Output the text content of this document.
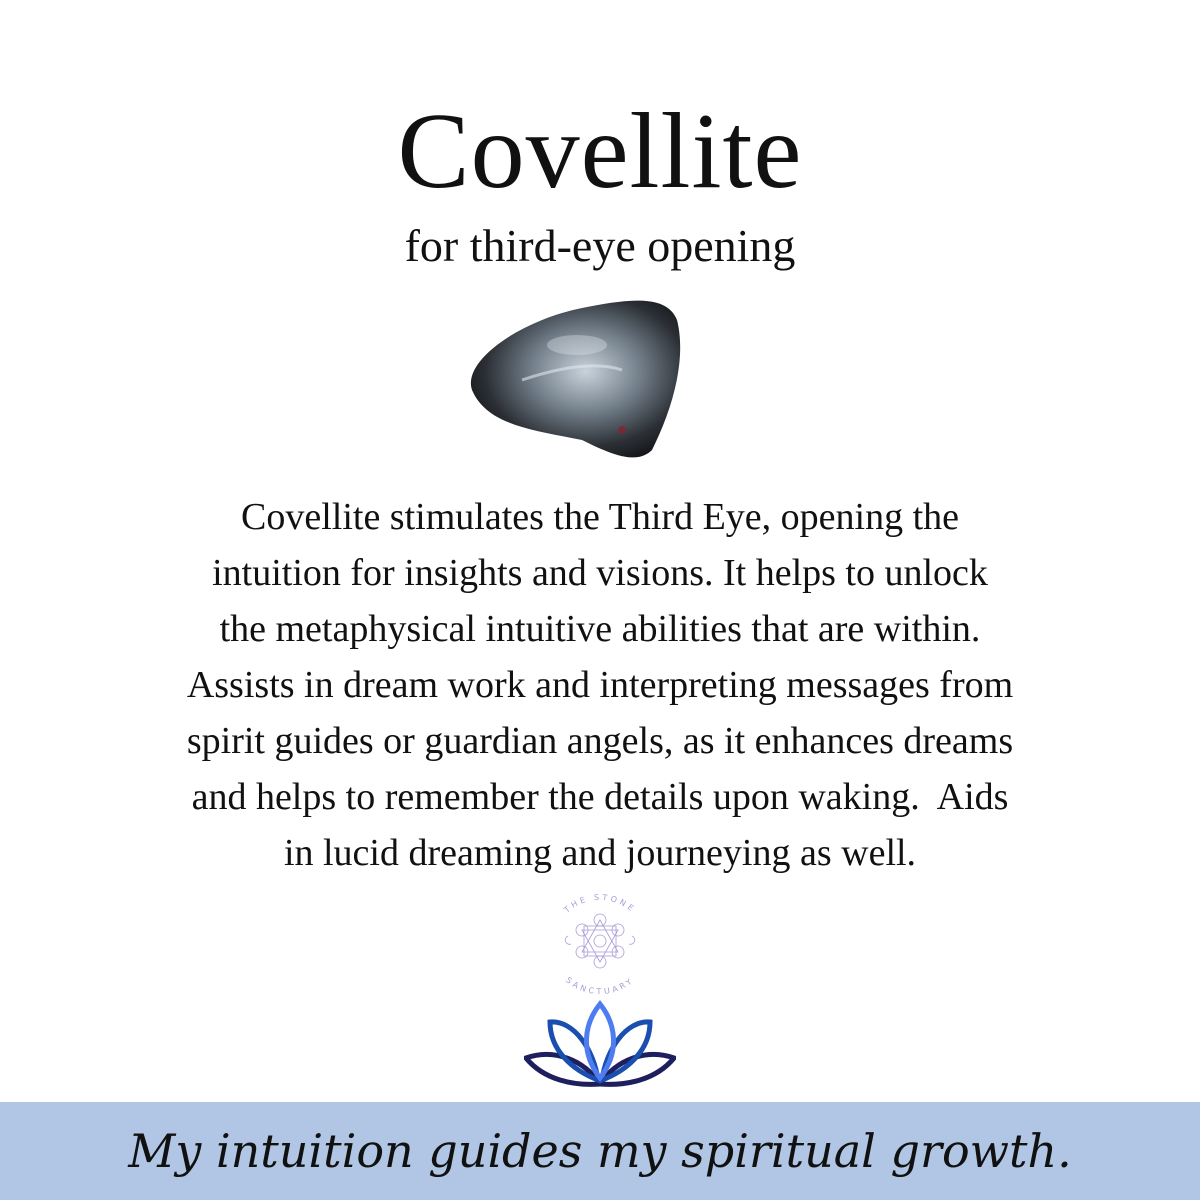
Covellite
for third-eye opening
Covellite stimulates the Third Eye, opening the
intuition for insights and visions. It helps to unlock
the metaphysical intuitive abilities that are within.
Assists in dream work and interpreting messages from
spirit guides or guardian angels, as it enhances dreams
and helps to remember the details upon waking.  Aids
in lucid dreaming and journeying as well.
THE STONE
SANCTUARY
My intuition guides my spiritual growth.
